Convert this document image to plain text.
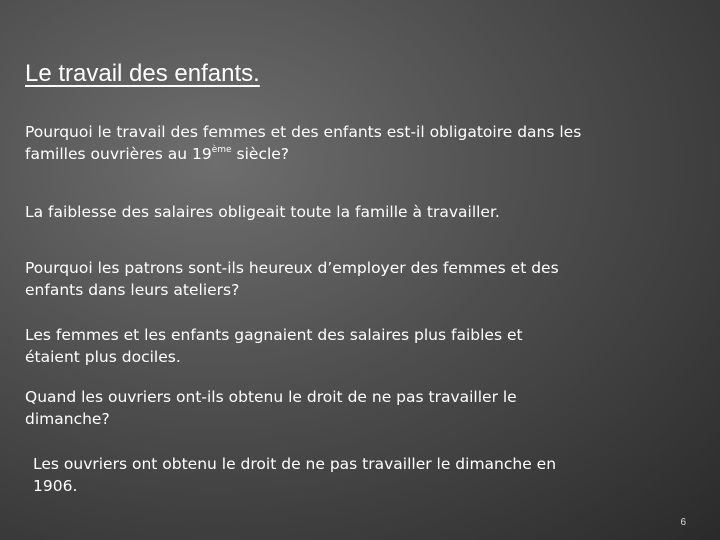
Le travail des enfants.

Pourquoi le travail des femmes et des enfants est-il obligatoire dans les
familles ouvrières au 19ème siècle?

La faiblesse des salaires obligeait toute la famille à travailler.

Pourquoi les patrons sont-ils heureux d’employer des femmes et des
enfants dans leurs ateliers?

Les femmes et les enfants gagnaient des salaires plus faibles et
étaient plus dociles.

Quand les ouvriers ont-ils obtenu le droit de ne pas travailler le
dimanche?

Les ouvriers ont obtenu le droit de ne pas travailler le dimanche en
1906.

6
